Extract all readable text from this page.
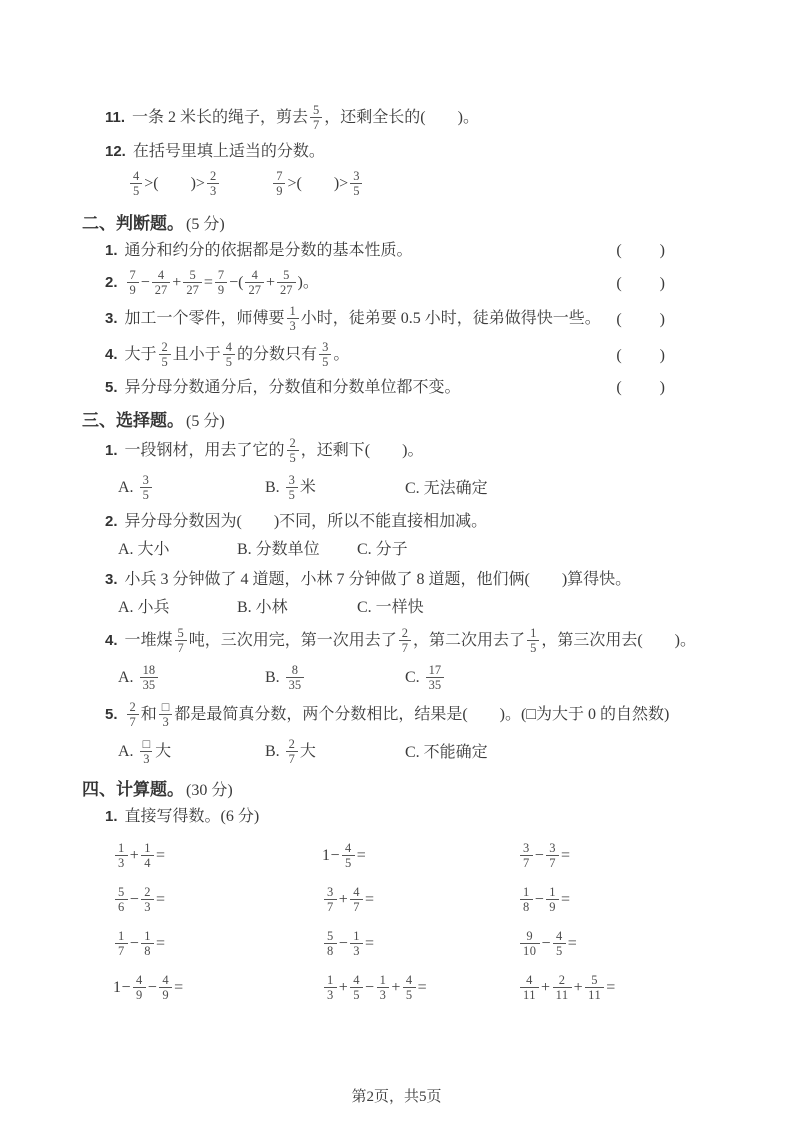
11. 一条 2 米长的绳子，剪去 $\frac{5}{7}$ ，还剩全长的(　　)。
12. 在括号里填上适当的分数。
$\frac{4}{5}$ >(　　)> $\frac{2}{3}$	$\frac{7}{9}$ >(　　)> $\frac{3}{5}$
二、判断题。 (5 分)
1. 通分和约分的依据都是分数的基本性质。	(　　)
2. $\frac{7}{9} - \frac{4}{27} + \frac{5}{27} = \frac{7}{9}$ −( $\frac{4}{27} + \frac{5}{27}$ )。	(　　)
3. 加工一个零件，师傅要 $\frac{1}{3}$ 小时，徒弟要 0.5 小时，徒弟做得快一些。 (　　)
4. 大于 $\frac{2}{5}$ 且小于 $\frac{4}{5}$ 的分数只有 $\frac{3}{5}$ 。	(　　)
5. 异分母分数通分后，分数值和分数单位都不变。	(　　)
三、选择题。 (5 分)
1. 一段钢材，用去了它的 $\frac{2}{5}$ ，还剩下(　　)。
A. $\frac{3}{5}$	B. $\frac{3}{5}$ 米	C. 无法确定
2. 异分母分数因为(　　)不同，所以不能直接相加减。
A. 大小	B. 分数单位	C. 分子
3. 小兵 3 分钟做了 4 道题，小林 7 分钟做了 8 道题，他们俩(　　)算得快。
A. 小兵	B. 小林	C. 一样快
4. 一堆煤 $\frac{5}{7}$ 吨，三次用完，第一次用去了 $\frac{2}{7}$ ，第二次用去了 $\frac{1}{5}$ ，第三次用去(　　)。
A. $\frac{18}{35}$	B. $\frac{8}{35}$	C. $\frac{17}{35}$
5. $\frac{2}{7}$ 和 $\frac{□}{3}$ 都是最简真分数，两个分数相比，结果是(　　)。(□为大于 0 的自然数)
A. $\frac{□}{3}$ 大	B. $\frac{2}{7}$ 大	C. 不能确定
四、计算题。 (30 分)
1. 直接写得数。(6 分)
$\frac{1}{3} + \frac{1}{4}$ =	$1- \frac{4}{5}$ =	$\frac{3}{7} - \frac{3}{7}$ =
$\frac{5}{6} - \frac{2}{3}$ =	$\frac{3}{7} + \frac{4}{7}$ =	$\frac{1}{8} - \frac{1}{9}$ =
$\frac{1}{7} - \frac{1}{8}$ =	$\frac{5}{8} - \frac{1}{3}$ =	$\frac{9}{10} - \frac{4}{5}$ =
$1- \frac{4}{9} - \frac{4}{9}$ =	$\frac{1}{3} + \frac{4}{5} - \frac{1}{3} + \frac{4}{5}$ =	$\frac{4}{11} + \frac{2}{11} + \frac{5}{11}$ =
第2页，共5页
